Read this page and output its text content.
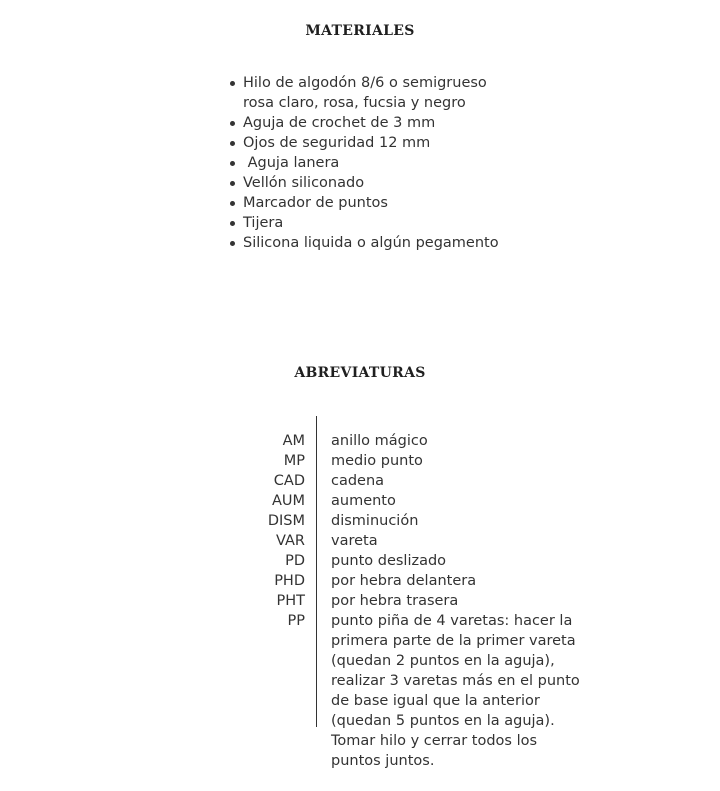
MATERIALES
Hilo de algodón 8/6 o semigrueso
rosa claro, rosa, fucsia y negro
Aguja de crochet de 3 mm
Ojos de seguridad 12 mm
Aguja lanera
Vellón siliconado
Marcador de puntos
Tijera
Silicona liquida o algún pegamento
ABREVIATURAS
AM anillo mágico
MP medio punto
CAD cadena
AUM aumento
DISM disminución
VAR vareta
PD punto deslizado
PHD por hebra delantera
PHT por hebra trasera
PP punto piña de 4 varetas: hacer la
primera parte de la primer vareta
(quedan 2 puntos en la aguja),
realizar 3 varetas más en el punto
de base igual que la anterior
(quedan 5 puntos en la aguja).
Tomar hilo y cerrar todos los
puntos juntos.
